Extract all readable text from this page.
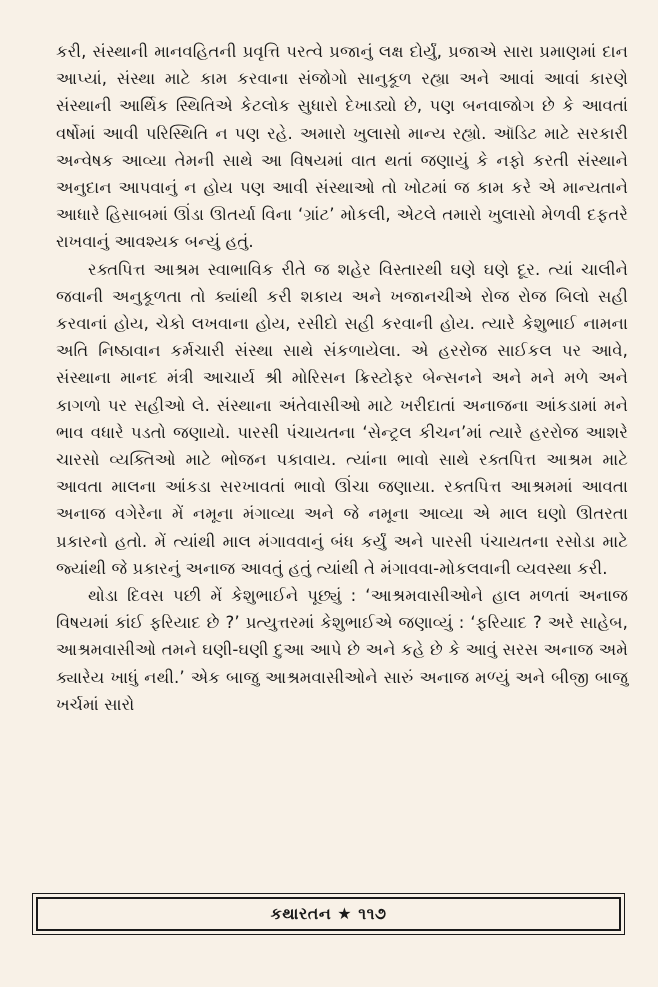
કરી, સંસ્થાની માનવહિતની પ્રવૃત્તિ પરત્વે પ્રજાનું લક્ષ દોર્યું, પ્રજાએ સારા પ્રમાણમાં દાન આપ્યાં, સંસ્થા માટે કામ કરવાના સંજોગો સાનુકૂળ રહ્યા અને આવાં આવાં કારણે સંસ્થાની આર્થિક સ્થિતિએ કેટલોક સુધારો દેખાડ્યો છે, પણ બનવાજોગ છે કે આવતાં વર્ષોમાં આવી પરિસ્થિતિ ન પણ રહે. અમારો ખુલાસો માન્ય રહ્યો. ઑડિટ માટે સરકારી અન્વેષક આવ્યા તેમની સાથે આ વિષયમાં વાત થતાં જણાયું કે નફો કરતી સંસ્થાને અનુદાન આપવાનું ન હોય પણ આવી સંસ્થાઓ તો ખોટમાં જ કામ કરે એ માન્યતાને આધારે હિસાબમાં ઊંડા ઊતર્યા વિના ‘ગ્રાંટ’ મોકલી, એટલે તમારો ખુલાસો મેળવી દફતરે રાખવાનું આવશ્યક બન્યું હતું.

રક્તપિત્ત આશ્રમ સ્વાભાવિક રીતે જ શહેર વિસ્તારથી ઘણે ઘણે દૂર. ત્યાં ચાલીને જવાની અનુકૂળતા તો ક્યાંથી કરી શકાય અને ખજાનચીએ રોજ રોજ બિલો સહી કરવાનાં હોય, ચેકો લખવાના હોય, રસીદો સહી કરવાની હોય. ત્યારે કેશુભાઈ નામના અતિ નિષ્ઠાવાન કર્મચારી સંસ્થા સાથે સંકળાયેલા. એ હરરોજ સાઈકલ પર આવે, સંસ્થાના માનદ મંત્રી આચાર્ય શ્રી મોરિસન ક્રિસ્ટોફર બેન્સનને અને મને મળે અને કાગળો પર સહીઓ લે. સંસ્થાના અંતેવાસીઓ માટે ખરીદાતાં અનાજના આંકડામાં મને ભાવ વધારે પડતો જણાયો. પારસી પંચાયતના ‘સેન્ટ્રલ કીચન’માં ત્યારે હરરોજ આશરે ચારસો વ્યક્તિઓ માટે ભોજન પકાવાય. ત્યાંના ભાવો સાથે રક્તપિત્ત આશ્રમ માટે આવતા માલના આંકડા સરખાવતાં ભાવો ઊંચા જણાયા. રક્તપિત્ત આશ્રમમાં આવતા અનાજ વગેરેના મેં નમૂના મંગાવ્યા અને જે નમૂના આવ્યા એ માલ ઘણો ઊતરતા પ્રકારનો હતો. મેં ત્યાંથી માલ મંગાવવાનું બંધ કર્યું અને પારસી પંચાયતના રસોડા માટે જ્યાંથી જે પ્રકારનું અનાજ આવતું હતું ત્યાંથી તે મંગાવવા-મોકલવાની વ્યવસ્થા કરી.

થોડા દિવસ પછી મેં કેશુભાઈને પૂછ્યું : ‘આશ્રમવાસીઓને હાલ મળતાં અનાજ વિષયમાં કાંઈ ફરિયાદ છે ?’ પ્રત્યુત્તરમાં કેશુભાઈએ જણાવ્યું : ‘ફરિયાદ ? અરે સાહેબ, આશ્રમવાસીઓ તમને ઘણી-ઘણી દુઆ આપે છે અને કહે છે કે આવું સરસ અનાજ અમે ક્યારેય ખાધું નથી.’ એક બાજુ આશ્રમવાસીઓને સારું અનાજ મળ્યું અને બીજી બાજુ ખર્ચમાં સારો

કથારતન ★ ૧૧૭
